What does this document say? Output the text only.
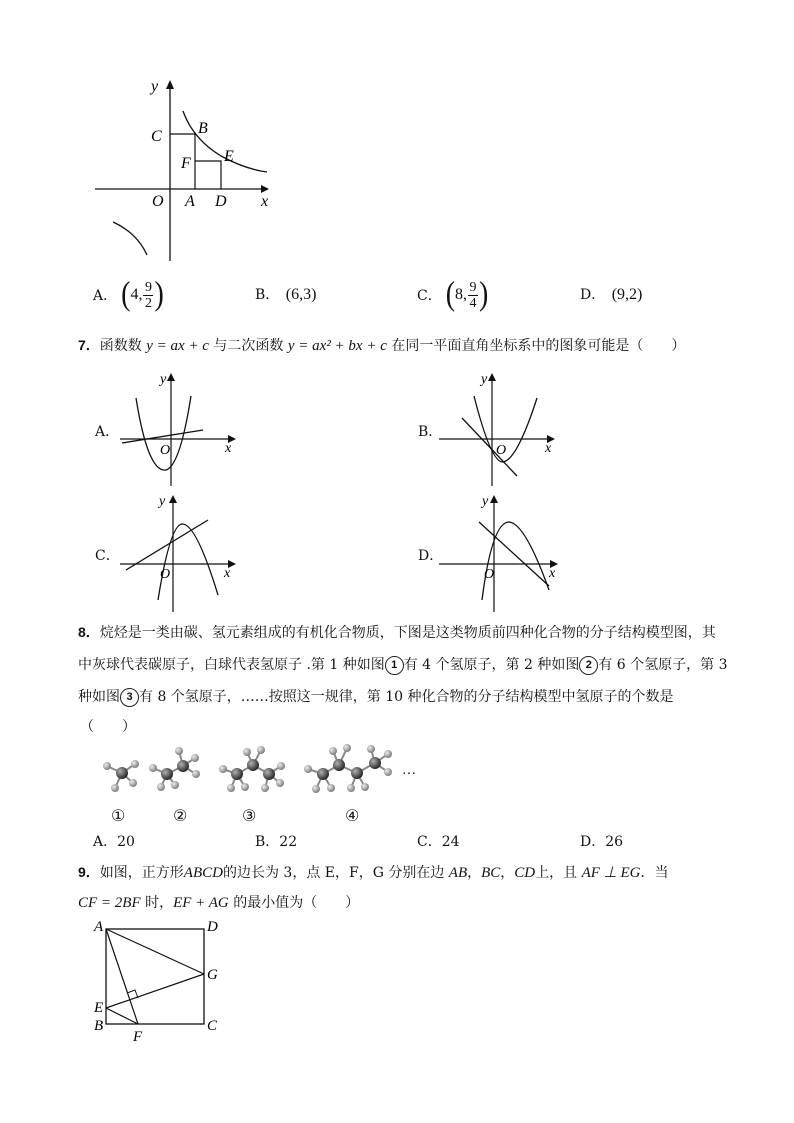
y
x
O
C B
F E
A D
A． ( 4, 9
2 )	B． (6,3)	C． ( 8, 9
4 )	D． (9,2)
7．函数数 y = ax + c 与二次函数 y = ax² + bx + c 在同一平面直角坐标系中的图象可能是（　　）
A．
y
x
O
B．
y
x
O
C．
y
x
O
D．
y
x
O
8．烷烃是一类由碳、氢元素组成的有机化合物质，下图是这类物质前四种化合物的分子结构模型图，其
中灰球代表碳原子，白球代表氢原子 .第 1 种如图 1 有 4 个氢原子，第 2 种如图 2 有 6 个氢原子，第 3
种如图 3 有 8 个氢原子，……按照这一规律，第 10 种化合物的分子结构模型中氢原子的个数是
（　　）
…
①	②	③	④
A．20	B．22	C．24	D．26
9．如图，正方形ABCD的边长为 3，点 E，F，G 分别在边 AB，BC，CD上，且 AF ⊥ EG．当
CF = 2BF 时，EF + AG 的最小值为（　　）
A	D
G
E
B	C
F
